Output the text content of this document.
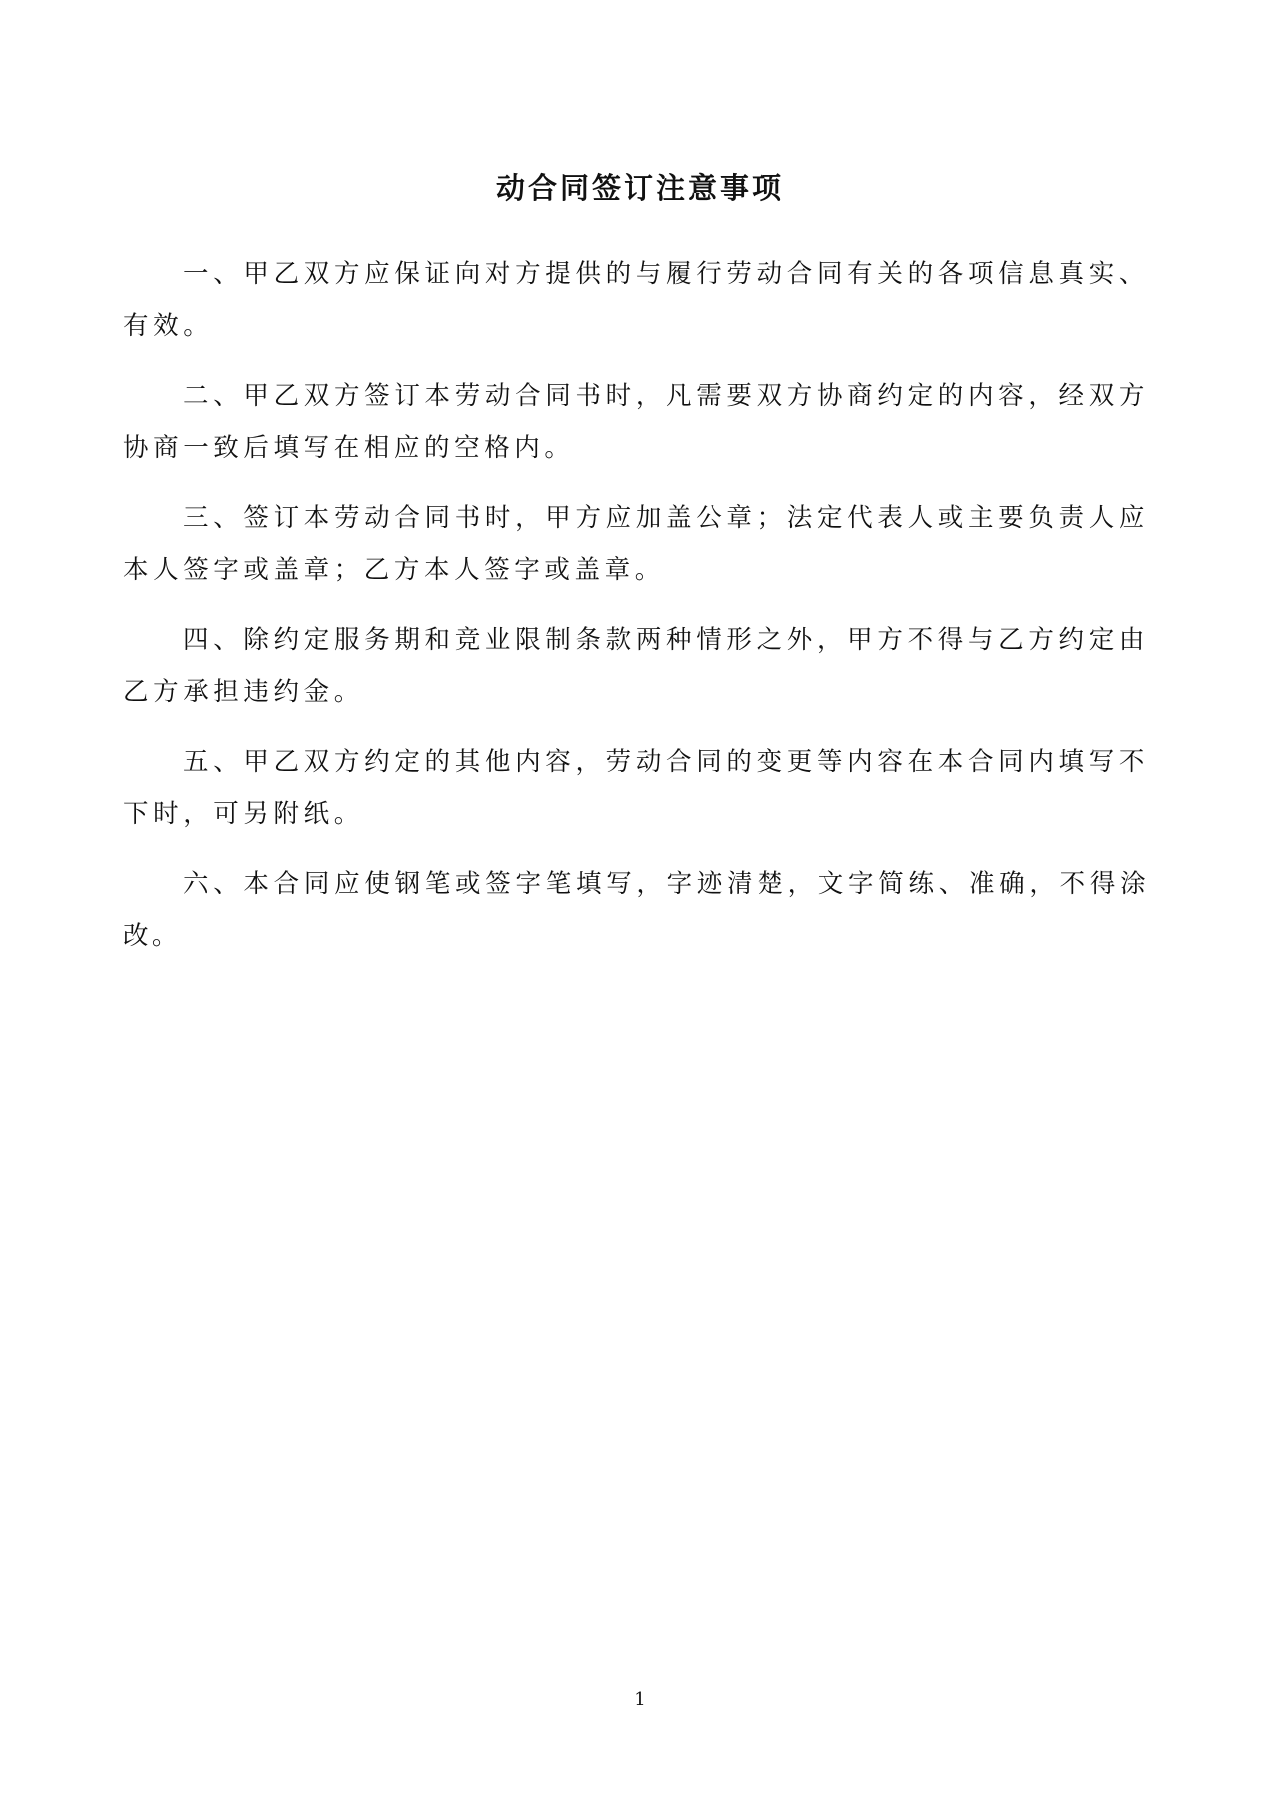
动合同签订注意事项

一、甲乙双方应保证向对方提供的与履行劳动合同有关的各项信息真实、有效。

二、甲乙双方签订本劳动合同书时，凡需要双方协商约定的内容，经双方协商一致后填写在相应的空格内。

三、签订本劳动合同书时，甲方应加盖公章；法定代表人或主要负责人应本人签字或盖章；乙方本人签字或盖章。

四、除约定服务期和竞业限制条款两种情形之外，甲方不得与乙方约定由乙方承担违约金。

五、甲乙双方约定的其他内容，劳动合同的变更等内容在本合同内填写不下时，可另附纸。

六、本合同应使钢笔或签字笔填写，字迹清楚，文字简练、准确，不得涂改。

1
